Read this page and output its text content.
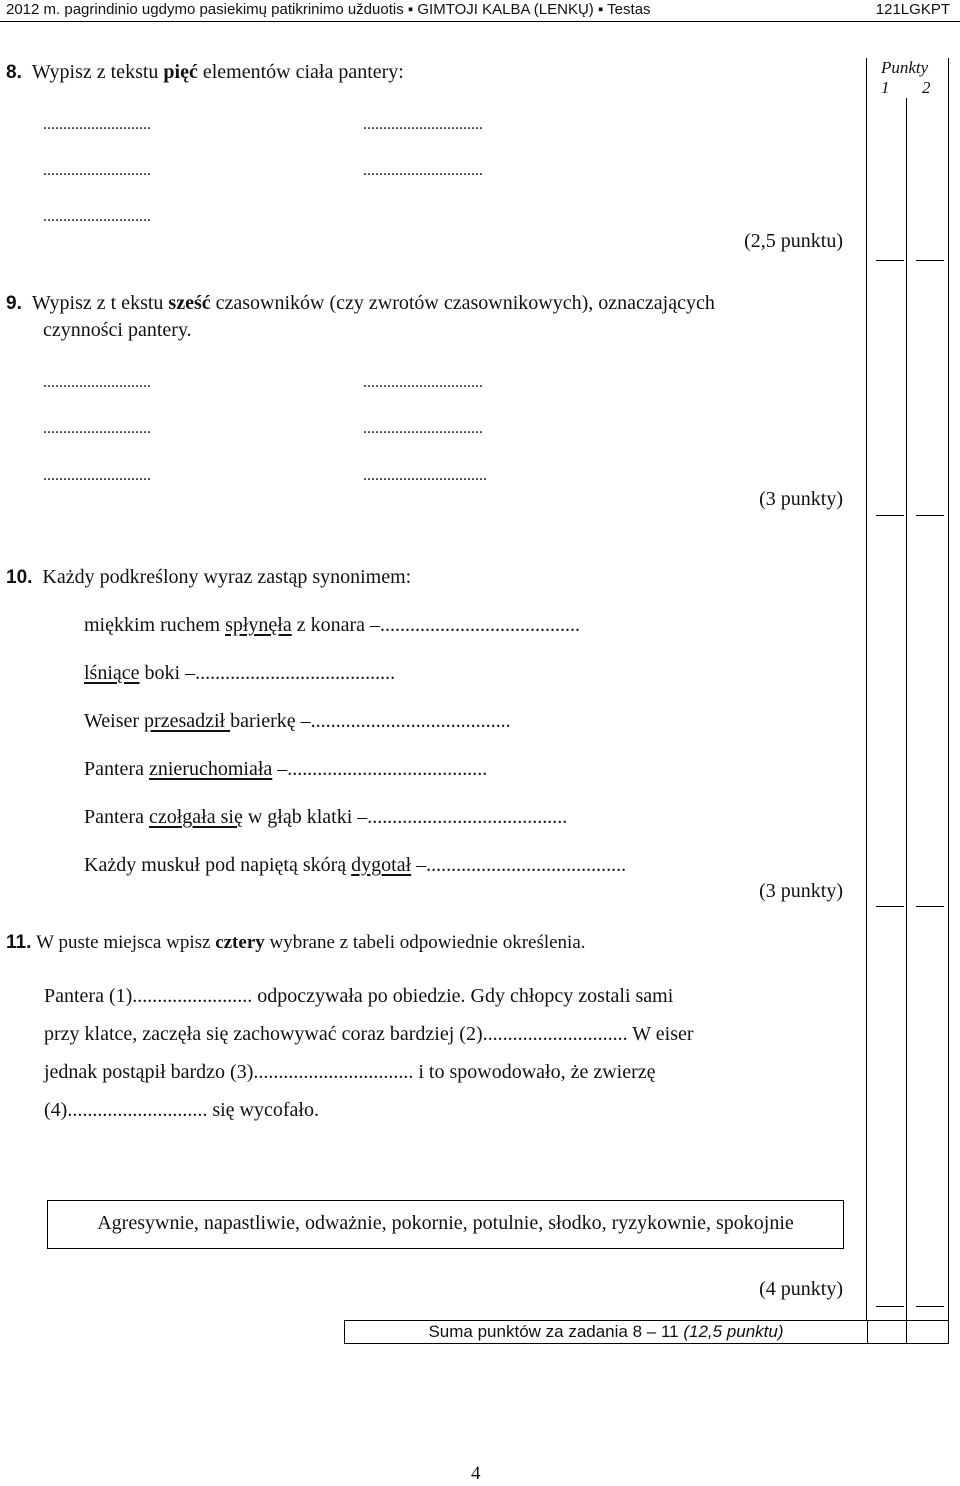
2012 m. pagrindinio ugdymo pasiekimų patikrinimo užduotis ▪ GIMTOJI KALBA (LENKŲ) ▪ Testas	121LGKPT
Punkty
1 2
8. Wypisz z tekstu pięć elementów ciała pantery:
...........................	..............................
...........................	..............................
...........................
(2,5 punktu)
9. Wypisz z t ekstu sześć czasowników (czy zwrotów czasownikowych), oznaczających
czynności pantery.
...........................	..............................
...........................	..............................
...........................	...............................
(3 punkty)
10. Każdy podkreślony wyraz zastąp synonimem:
miękkim ruchem spłynęła z konara –........................................
lśniące boki –........................................
Weiser przesadził barierkę –........................................
Pantera znieruchomiała –........................................
Pantera czołgała się w głąb klatki –........................................
Każdy muskuł pod napiętą skórą dygotał –........................................
(3 punkty)
11. W puste miejsca wpisz cztery wybrane z tabeli odpowiednie określenia.
Pantera (1)........................ odpoczywała po obiedzie. Gdy chłopcy zostali sami
przy klatce, zaczęła się zachowywać coraz bardziej (2)............................. W eiser
jednak postąpił bardzo (3)................................ i to spowodowało, że zwierzę
(4)............................ się wycofało.
Agresywnie, napastliwie, odważnie, pokornie, potulnie, słodko, ryzykownie, spokojnie
(4 punkty)
Suma punktów za zadania 8 – 11 (12,5 punktu)
4
